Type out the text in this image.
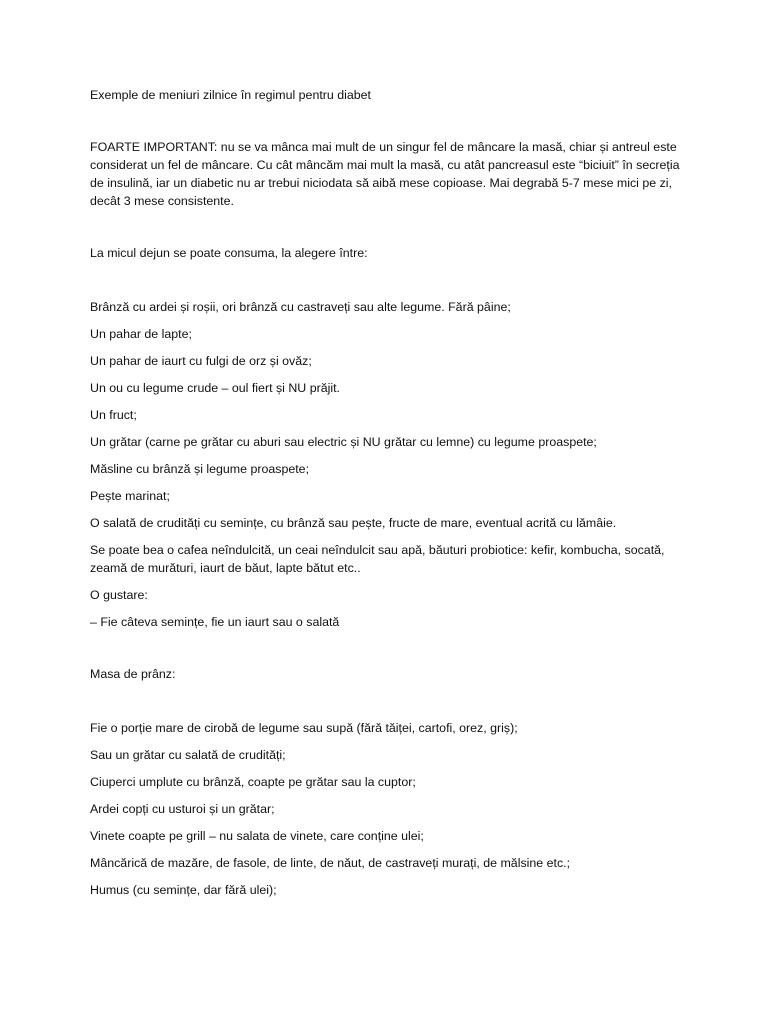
Exemple de meniuri zilnice în regimul pentru diabet

FOARTE IMPORTANT: nu se va mânca mai mult de un singur fel de mâncare la masă, chiar și antreul este considerat un fel de mâncare. Cu cât mâncăm mai mult la masă, cu atât pancreasul este “biciuit” în secreția de insulină, iar un diabetic nu ar trebui niciodata să aibă mese copioase. Mai degrabă 5-7 mese mici pe zi, decât 3 mese consistente.

La micul dejun se poate consuma, la alegere între:

Brânză cu ardei și roșii, ori brânză cu castraveți sau alte legume. Fără pâine;

Un pahar de lapte;

Un pahar de iaurt cu fulgi de orz și ovăz;

Un ou cu legume crude – oul fiert și NU prăjit.

Un fruct;

Un grătar (carne pe grătar cu aburi sau electric și NU grătar cu lemne) cu legume proaspete;

Măsline cu brânză și legume proaspete;

Pește marinat;

O salată de crudități cu semințe, cu brânză sau pește, fructe de mare, eventual acrită cu lămâie.

Se poate bea o cafea neîndulcită, un ceai neîndulcit sau apă, băuturi probiotice: kefir, kombucha, socată, zeamă de murături, iaurt de băut, lapte bătut etc..

O gustare:

– Fie câteva semințe, fie un iaurt sau o salată

Masa de prânz:

Fie o porție mare de cirobă de legume sau supă (fără tăiței, cartofi, orez, griș);

Sau un grătar cu salată de crudități;

Ciuperci umplute cu brânză, coapte pe grătar sau la cuptor;

Ardei copți cu usturoi și un grătar;

Vinete coapte pe grill – nu salata de vinete, care conține ulei;

Mâncărică de mazăre, de fasole, de linte, de năut, de castraveți murați, de mălsine etc.;

Humus (cu semințe, dar fără ulei);
